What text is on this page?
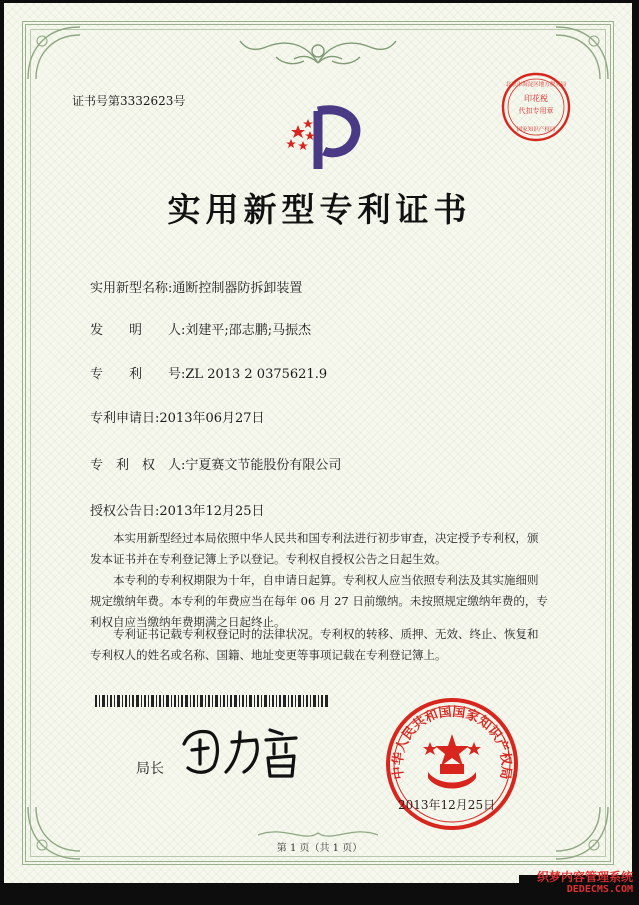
印花税
代扣专用章
北京市海淀区地方税务局
国家知识产权局
证书号第3332623号
实用新型专利证书
实用新型名称:通断控制器防拆卸装置
发　　明　　人:刘建平;邵志鹏;马振杰
专　　利　　号:ZL 2013 2 0375621.9
专利申请日:2013年06月27日
专　利　权　人:宁夏赛文节能股份有限公司
授权公告日:2013年12月25日

本实用新型经过本局依照中华人民共和国专利法进行初步审查，决定授予专利权，颁

发本证书并在专利登记簿上予以登记。专利权自授权公告之日起生效。

本专利的专利权期限为十年，自申请日起算。专利权人应当依照专利法及其实施细则

规定缴纳年费。本专利的年费应当在每年 06 月 27 日前缴纳。未按照规定缴纳年费的，专

利权自应当缴纳年费期满之日起终止。

专利证书记载专利权登记时的法律状况。专利权的转移、质押、无效、终止、恢复和

专利权人的姓名或名称、国籍、地址变更等事项记载在专利登记簿上。

局长	中华人民共和国国家知识产权局
2013年12月25日
第 1 页（共 1 页）
织梦内容管理系统
DEDECMS.COM
